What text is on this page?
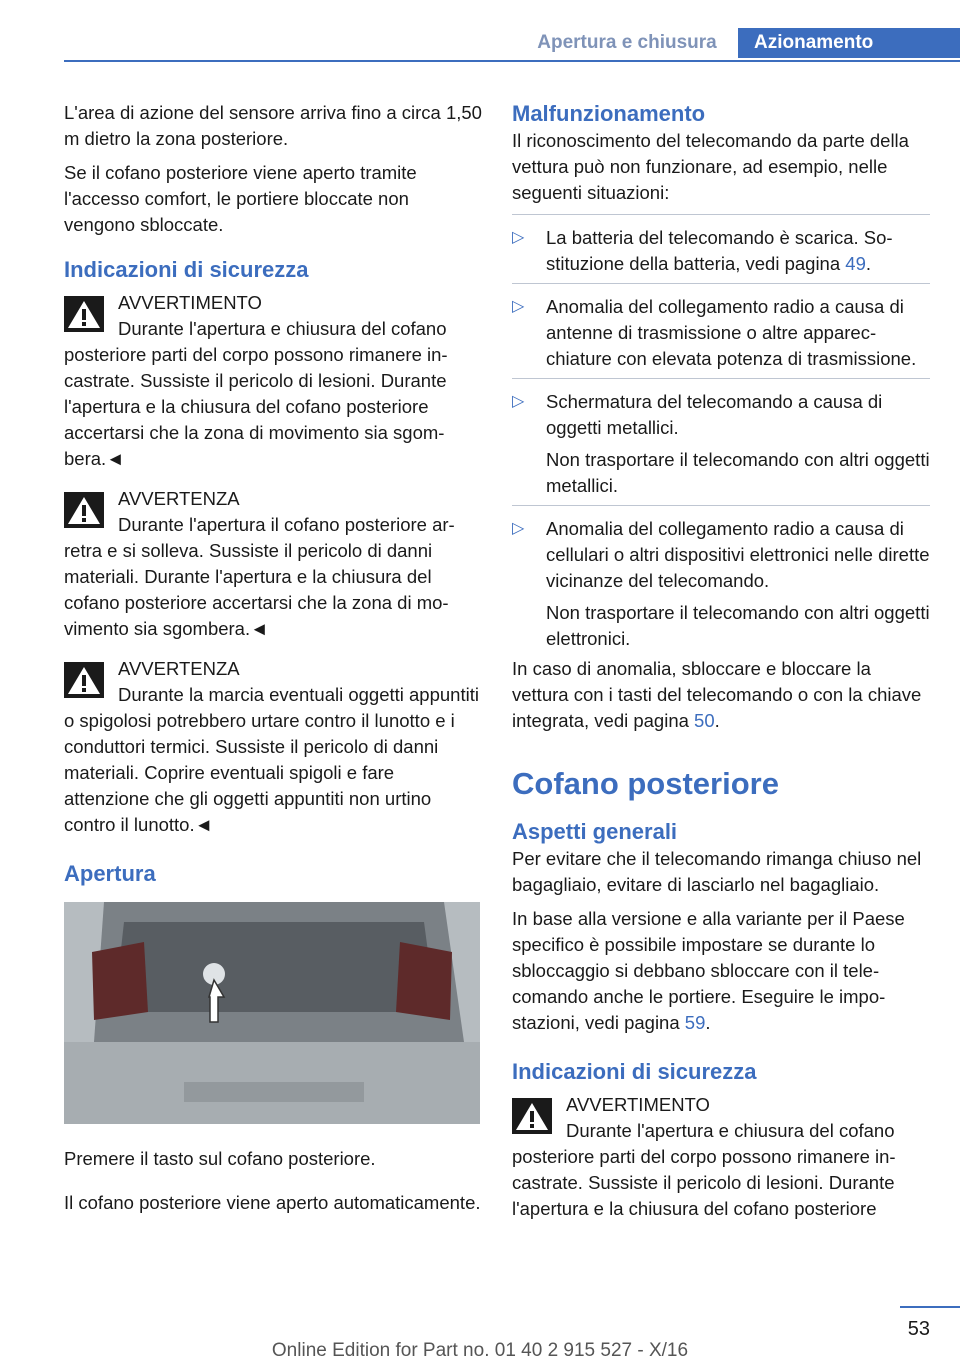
Apertura e chiusura	Azionamento

L'area di azione del sensore arriva fino a circa 1,50 m dietro la zona posteriore.

Se il cofano posteriore viene aperto tramite l'accesso comfort, le portiere bloccate non vengono sbloccate.

Indicazioni di sicurezza
AVVERTIMENTO
Durante l'apertura e chiusura del cofano posteriore parti del corpo possono rimanere incastrate. Sussiste il pericolo di lesioni. Durante l'apertura e la chiusura del cofano posteriore accertarsi che la zona di movimento sia sgombera.◄
AVVERTENZA
Durante l'apertura il cofano posteriore arretra e si solleva. Sussiste il pericolo di danni materiali. Durante l'apertura e la chiusura del cofano posteriore accertarsi che la zona di movimento sia sgombera.◄
AVVERTENZA
Durante la marcia eventuali oggetti appuntiti o spigolosi potrebbero urtare contro il lunotto e i conduttori termici. Sussiste il pericolo di danni materiali. Coprire eventuali spigoli e fare attenzione che gli oggetti appuntiti non urtino contro il lunotto.◄
Apertura

Premere il tasto sul cofano posteriore.

Il cofano posteriore viene aperto automaticamente.

Malfunzionamento

Il riconoscimento del telecomando da parte della vettura può non funzionare, ad esempio, nelle seguenti situazioni:

▷ La batteria del telecomando è scarica. Sostituzione della batteria, vedi pagina 49.
▷ Anomalia del collegamento radio a causa di antenne di trasmissione o altre apparecchiature con elevata potenza di trasmissione.
▷ Schermatura del telecomando a causa di oggetti metallici.
Non trasportare il telecomando con altri oggetti metallici.
▷ Anomalia del collegamento radio a causa di cellulari o altri dispositivi elettronici nelle dirette vicinanze del telecomando.
Non trasportare il telecomando con altri oggetti elettronici.

In caso di anomalia, sbloccare e bloccare la vettura con i tasti del telecomando o con la chiave integrata, vedi pagina 50.

Cofano posteriore
Aspetti generali

Per evitare che il telecomando rimanga chiuso nel bagagliaio, evitare di lasciarlo nel bagagliaio.

In base alla versione e alla variante per il Paese specifico è possibile impostare se durante lo sbloccaggio si debbano sbloccare con il telecomando anche le portiere. Eseguire le impostazioni, vedi pagina 59.

Indicazioni di sicurezza
AVVERTIMENTO
Durante l'apertura e chiusura del cofano posteriore parti del corpo possono rimanere incastrate. Sussiste il pericolo di lesioni. Durante l'apertura e la chiusura del cofano posteriore
53
Online Edition for Part no. 01 40 2 915 527 - X/16
